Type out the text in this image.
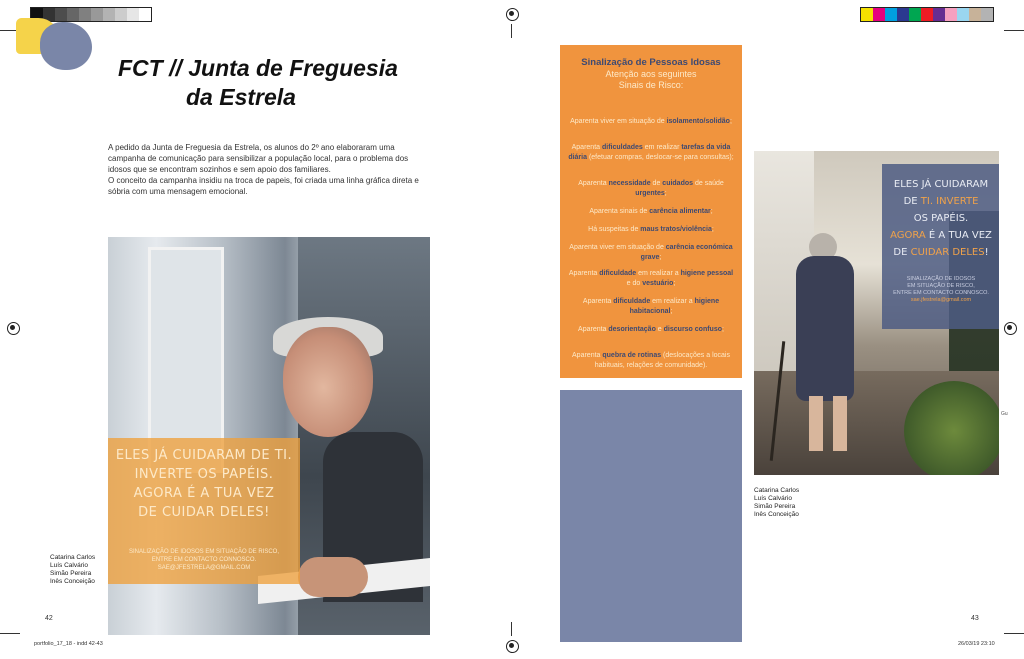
FCT // Junta de Freguesia
da Estrela

A pedido da Junta de Freguesia da Estrela, os alunos do 2º ano elaboraram uma campanha de comunicação para sensibilizar a população local, para o problema dos idosos que se encontram sozinhos e sem apoio dos familiares.

O conceito da campanha insidiu na troca de papeis, foi criada uma linha gráfica direta e sóbria com uma mensagem emocional.

ELES JÁ CUIDARAM DE TI.
INVERTE OS PAPÉIS.
AGORA É A TUA VEZ
DE CUIDAR DELES!
SINALIZAÇÃO DE IDOSOS EM SITUAÇÃO DE RISCO,
ENTRE EM CONTACTO CONNOSCO.
SAE@JFESTRELA@GMAIL.COM
Catarina Carlos
Luís Calvário
Simão Pereira
Inês Conceição
42
Sinalização de Pessoas Idosas
Atenção aos seguintes
Sinais de Risco:
Aparenta viver em situação de isolamento/solidão;
Aparenta dificuldades em realizar tarefas da vida diária (efetuar compras, deslocar-se para consultas);
Aparenta necessidade de cuidados de saúde urgentes;
Aparenta sinais de carência alimentar;
Há suspeitas de maus tratos/violência;
Aparenta viver em situação de carência económica grave;
Aparenta dificuldade em realizar a higiene pessoal e do vestuário;
Aparenta dificuldade em realizar a higiene habitacional;
Aparenta desorientação e discurso confuso;
Aparenta quebra de rotinas (deslocações a locais habituais, relações de comunidade).
ELES JÁ CUIDARAM
DE TI. INVERTE
OS PAPÉIS.
AGORA É A TUA VEZ
DE CUIDAR DELES!
SINALIZAÇÃO DE IDOSOS
EM SITUAÇÃO DE RISCO,
ENTRE EM CONTACTO CONNOSCO.
sae.jfestrela@gmail.com
Gu
Catarina Carlos
Luís Calvário
Simão Pereira
Inês Conceição
43
portfolio_17_18 - indd 42-43	26/03/19 23:10
